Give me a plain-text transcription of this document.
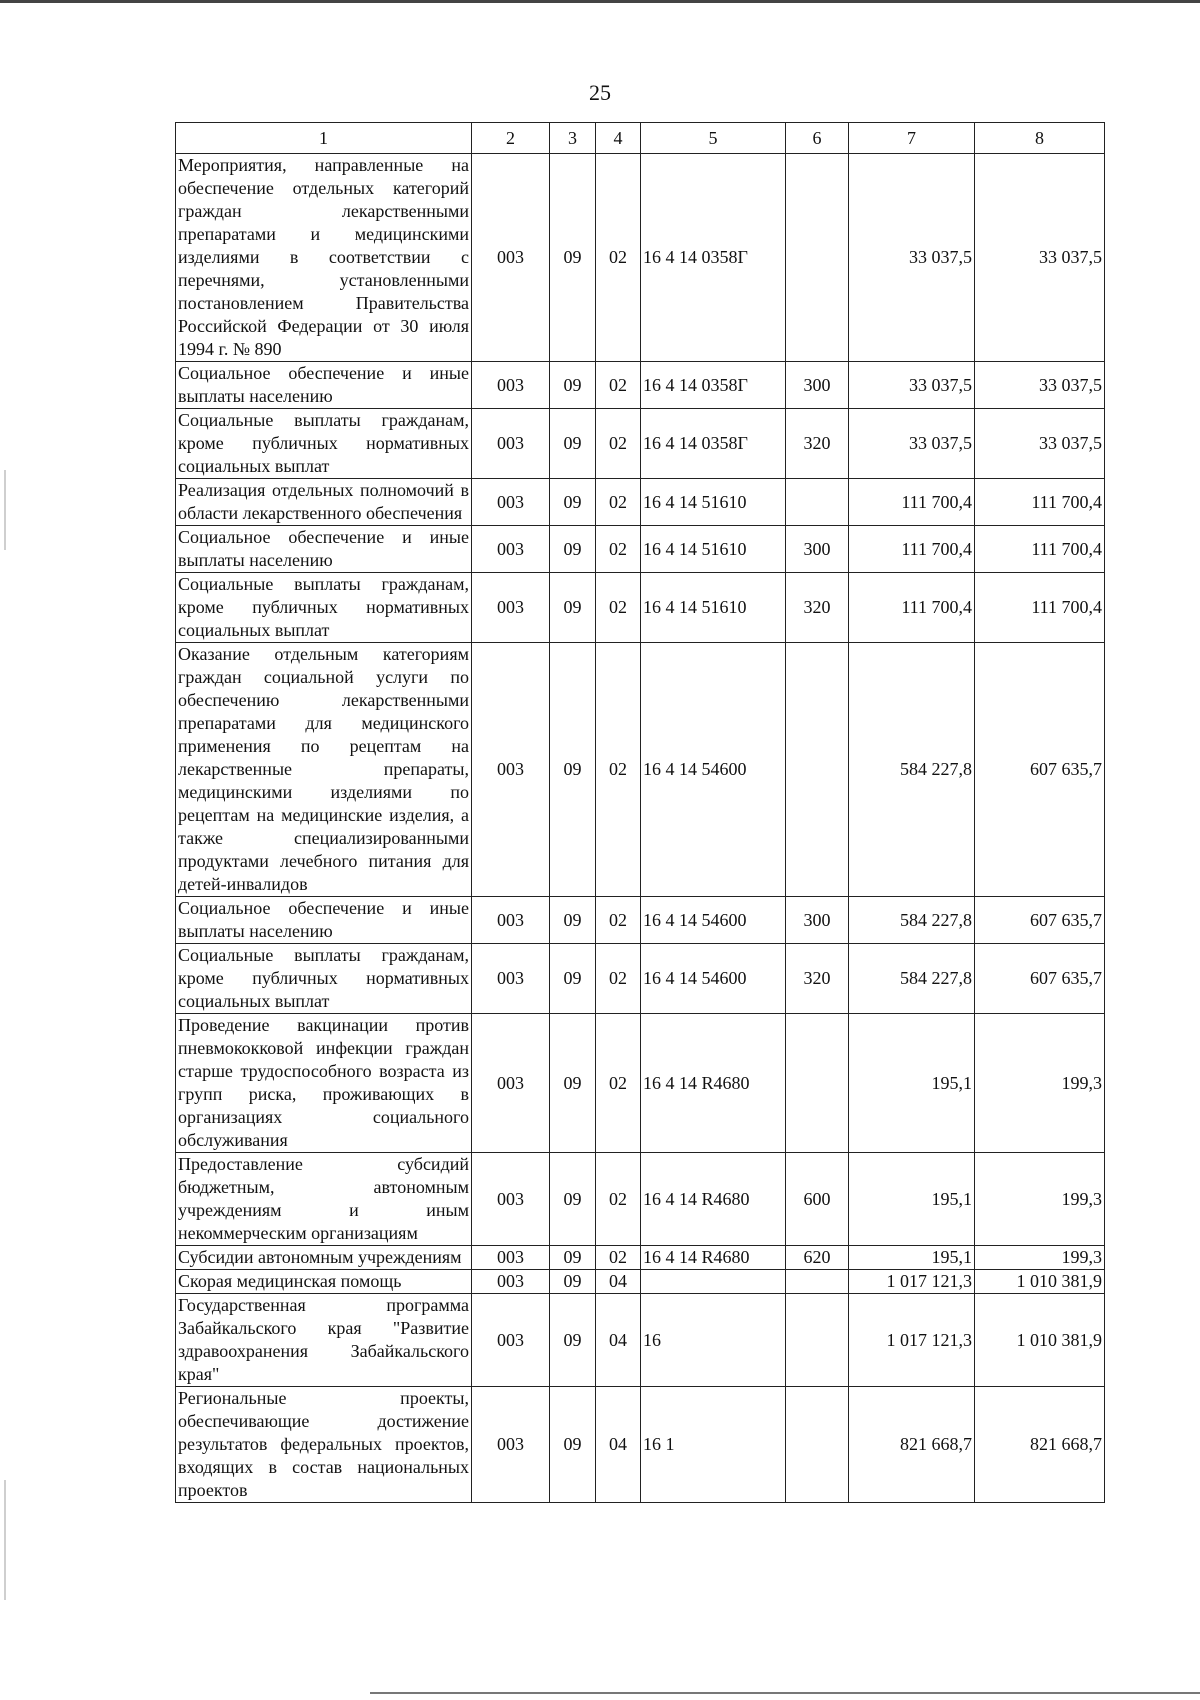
25
1	2	3	4	5	6	7	8
Мероприятия, направленные на обеспечение отдельных категорий граждан лекарственными препаратами и медицинскими изделиями в соответствии с перечнями, установленными постановлением Правительства Российской Федерации от 30 июля 1994 г. № 890	003	09	02	16 4 14 0358Г		33 037,5	33 037,5
Социальное обеспечение и иные выплаты населению	003	09	02	16 4 14 0358Г	300	33 037,5	33 037,5
Социальные выплаты гражданам, кроме публичных нормативных социальных выплат	003	09	02	16 4 14 0358Г	320	33 037,5	33 037,5
Реализация отдельных полномочий в области лекарственного обеспечения	003	09	02	16 4 14 51610		111 700,4	111 700,4
Социальное обеспечение и иные выплаты населению	003	09	02	16 4 14 51610	300	111 700,4	111 700,4
Социальные выплаты гражданам, кроме публичных нормативных социальных выплат	003	09	02	16 4 14 51610	320	111 700,4	111 700,4
Оказание отдельным категориям граждан социальной услуги по обеспечению лекарственными препаратами для медицинского применения по рецептам на лекарственные препараты, медицинскими изделиями по рецептам на медицинские изделия, а также специализированными продуктами лечебного питания для детей-инвалидов	003	09	02	16 4 14 54600		584 227,8	607 635,7
Социальное обеспечение и иные выплаты населению	003	09	02	16 4 14 54600	300	584 227,8	607 635,7
Социальные выплаты гражданам, кроме публичных нормативных социальных выплат	003	09	02	16 4 14 54600	320	584 227,8	607 635,7
Проведение вакцинации против пневмококковой инфекции граждан старше трудоспособного возраста из групп риска, проживающих в организациях социального обслуживания	003	09	02	16 4 14 R4680		195,1	199,3
Предоставление субсидий бюджетным, автономным учреждениям и иным некоммерческим организациям	003	09	02	16 4 14 R4680	600	195,1	199,3
Субсидии автономным учреждениям	003	09	02	16 4 14 R4680	620	195,1	199,3
Скорая медицинская помощь	003	09	04			1 017 121,3	1 010 381,9
Государственная программа Забайкальского края "Развитие здравоохранения Забайкальского края"	003	09	04	16		1 017 121,3	1 010 381,9
Региональные проекты, обеспечивающие достижение результатов федеральных проектов, входящих в состав национальных проектов	003	09	04	16 1		821 668,7	821 668,7
